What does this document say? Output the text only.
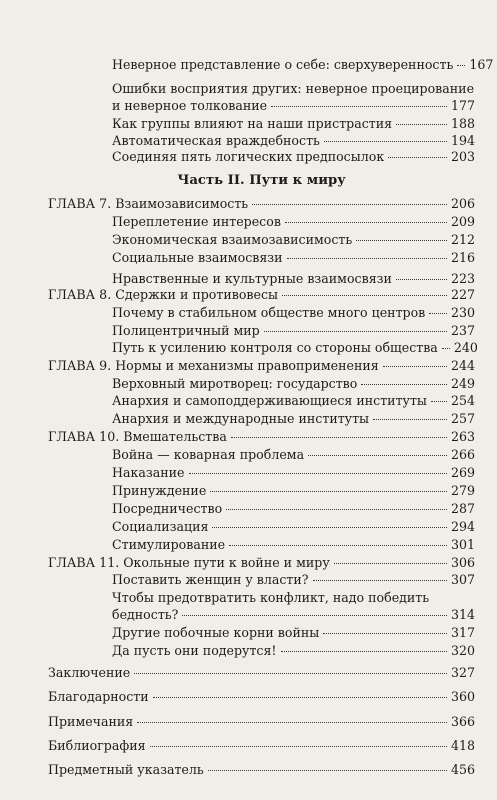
Неверное представление о себе: сверхуверенность 167
Ошибки восприятия других: неверное проецирование
и неверное толкование	177
Как группы влияют на наши пристрастия	188
Автоматическая враждебность	194
Соединяя пять логических предпосылок	203
Часть II. Пути к миру
ГЛАВА 7. Взаимозависимость	206
Переплетение интересов	209
Экономическая взаимозависимость	212
Социальные взаимосвязи	216
Нравственные и культурные взаимосвязи	223
ГЛАВА 8. Сдержки и противовесы	227
Почему в стабильном обществе много центров 230
Полицентричный мир	237
Путь к усилению контроля со стороны общества 240
ГЛАВА 9. Нормы и механизмы правоприменения	244
Верховный миротворец: государство	249
Анархия и самоподдерживающиеся институты 254
Анархия и международные институты	257
ГЛАВА 10. Вмешательства	263
Война — коварная проблема	266
Наказание	269
Принуждение	279
Посредничество	287
Социализация	294
Стимулирование	301
ГЛАВА 11. Окольные пути к войне и миру	306
Поставить женщин у власти?	307
Чтобы предотвратить конфликт, надо победить
бедность?	314
Другие побочные корни войны	317
Да пусть они подерутся!	320
Заключение	327
Благодарности	360
Примечания	366
Библиография	418
Предметный указатель	456
